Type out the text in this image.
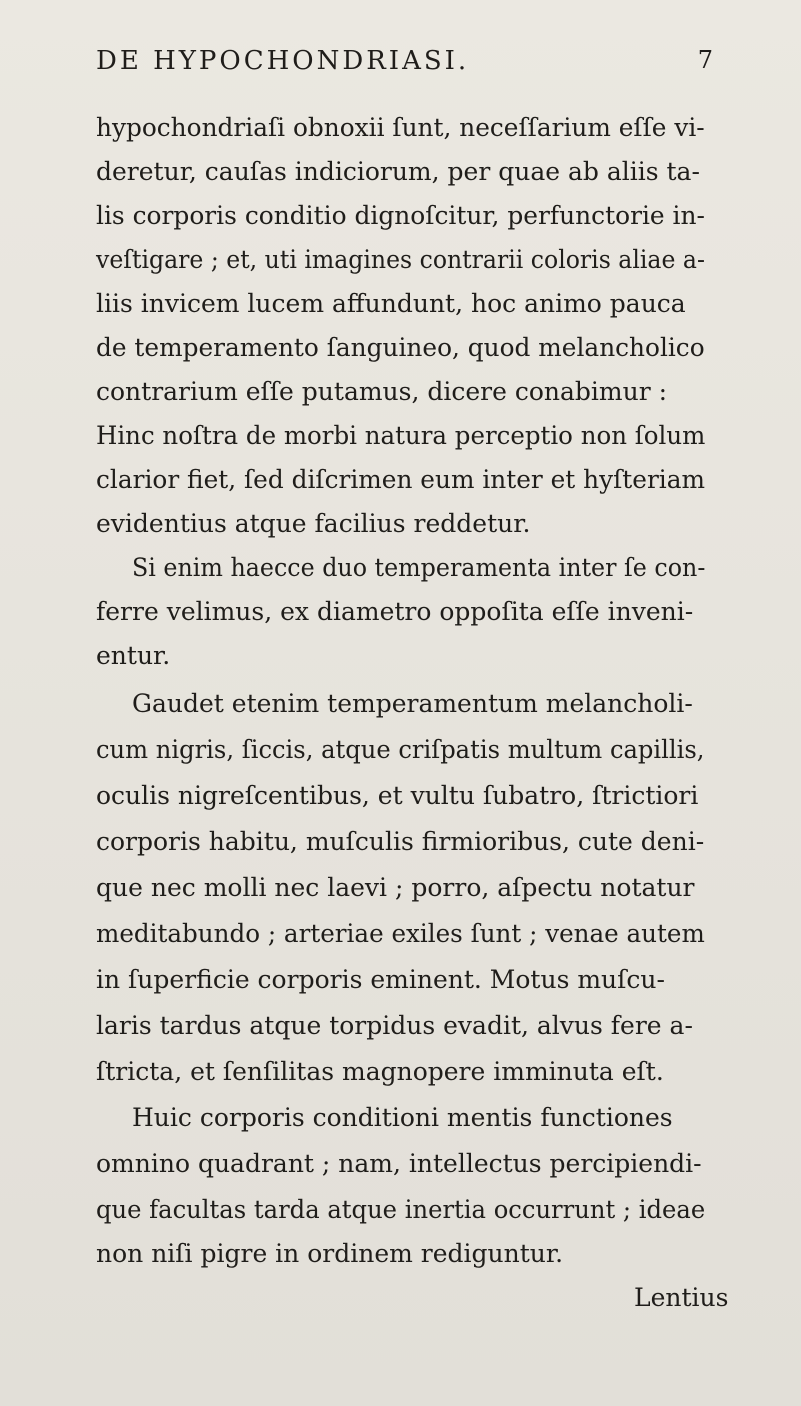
DE HYPOCHONDRIASI.	7
hypochondriaſi obnoxii ſunt, neceſſarium eſſe vi-
deretur, cauſas indiciorum, per quae ab aliis ta-
lis corporis conditio dignoſcitur, perfunctorie in-
veſtigare ; et, uti imagines contrarii coloris aliae a-
liis invicem lucem affundunt, hoc animo pauca
de temperamento ſanguineo, quod melancholico
contrarium eſſe putamus, dicere conabimur :
Hinc noſtra de morbi natura perceptio non ſolum
clarior fiet, ſed diſcrimen eum inter et hyſteriam
evidentius atque facilius reddetur.
Si enim haecce duo temperamenta inter ſe con-
ferre velimus, ex diametro oppoſita eſſe inveni-
entur.
Gaudet etenim temperamentum melancholi-
cum nigris, ſiccis, atque criſpatis multum capillis,
oculis nigreſcentibus, et vultu ſubatro, ſtrictiori
corporis habitu, muſculis firmioribus, cute deni-
que nec molli nec laevi ; porro, aſpectu notatur
meditabundo ; arteriae exiles ſunt ; venae autem
in ſuperficie corporis eminent. Motus muſcu-
laris tardus atque torpidus evadit, alvus fere a-
ſtricta, et ſenſilitas magnopere imminuta eſt.
Huic corporis conditioni mentis functiones
omnino quadrant ; nam, intellectus percipiendi-
que facultas tarda atque inertia occurrunt ; ideae
non niſi pigre in ordinem rediguntur.
Lentius
